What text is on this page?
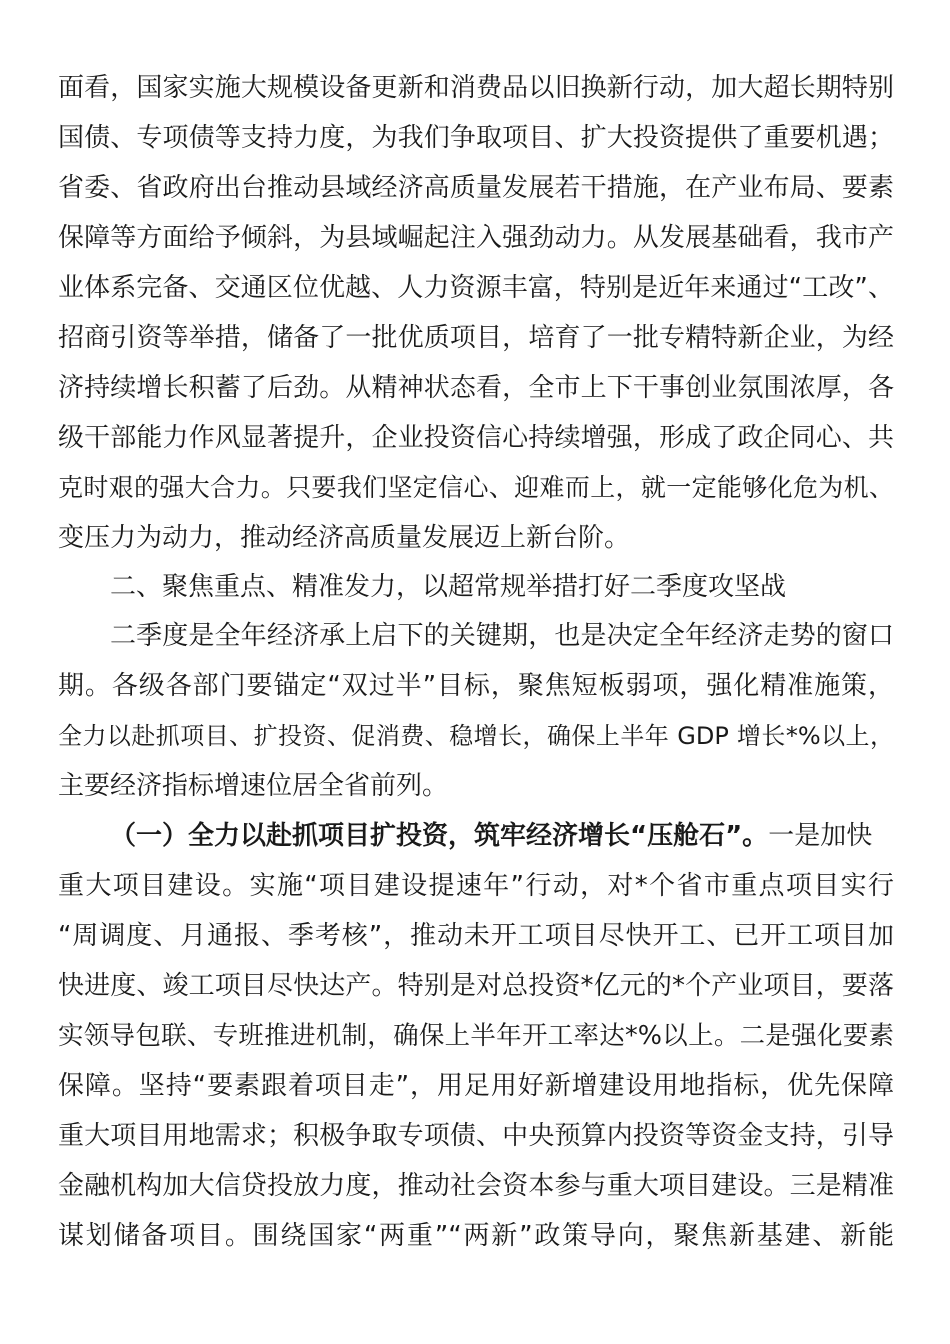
面看，国家实施大规模设备更新和消费品以旧换新行动，加大超长期特别
国债、专项债等支持力度，为我们争取项目、扩大投资提供了重要机遇；
省委、省政府出台推动县域经济高质量发展若干措施，在产业布局、要素
保障等方面给予倾斜，为县域崛起注入强劲动力。从发展基础看，我市产
业体系完备、交通区位优越、人力资源丰富，特别是近年来通过“工改”、
招商引资等举措，储备了一批优质项目，培育了一批专精特新企业，为经
济持续增长积蓄了后劲。从精神状态看，全市上下干事创业氛围浓厚，各
级干部能力作风显著提升，企业投资信心持续增强，形成了政企同心、共
克时艰的强大合力。只要我们坚定信心、迎难而上，就一定能够化危为机、
变压力为动力，推动经济高质量发展迈上新台阶。
二、聚焦重点、精准发力，以超常规举措打好二季度攻坚战
二季度是全年经济承上启下的关键期，也是决定全年经济走势的窗口
期。各级各部门要锚定“双过半”目标，聚焦短板弱项，强化精准施策，
全力以赴抓项目、扩投资、促消费、稳增长，确保上半年 GDP 增长*%以上，
主要经济指标增速位居全省前列。
（一）全力以赴抓项目扩投资，筑牢经济增长“压舱石”。一是加快
重大项目建设。实施“项目建设提速年”行动，对*个省市重点项目实行
“周调度、月通报、季考核”，推动未开工项目尽快开工、已开工项目加
快进度、竣工项目尽快达产。特别是对总投资*亿元的*个产业项目，要落
实领导包联、专班推进机制，确保上半年开工率达*%以上。二是强化要素
保障。坚持“要素跟着项目走”，用足用好新增建设用地指标，优先保障
重大项目用地需求；积极争取专项债、中央预算内投资等资金支持，引导
金融机构加大信贷投放力度，推动社会资本参与重大项目建设。三是精准
谋划储备项目。围绕国家“两重”“两新”政策导向，聚焦新基建、新能
